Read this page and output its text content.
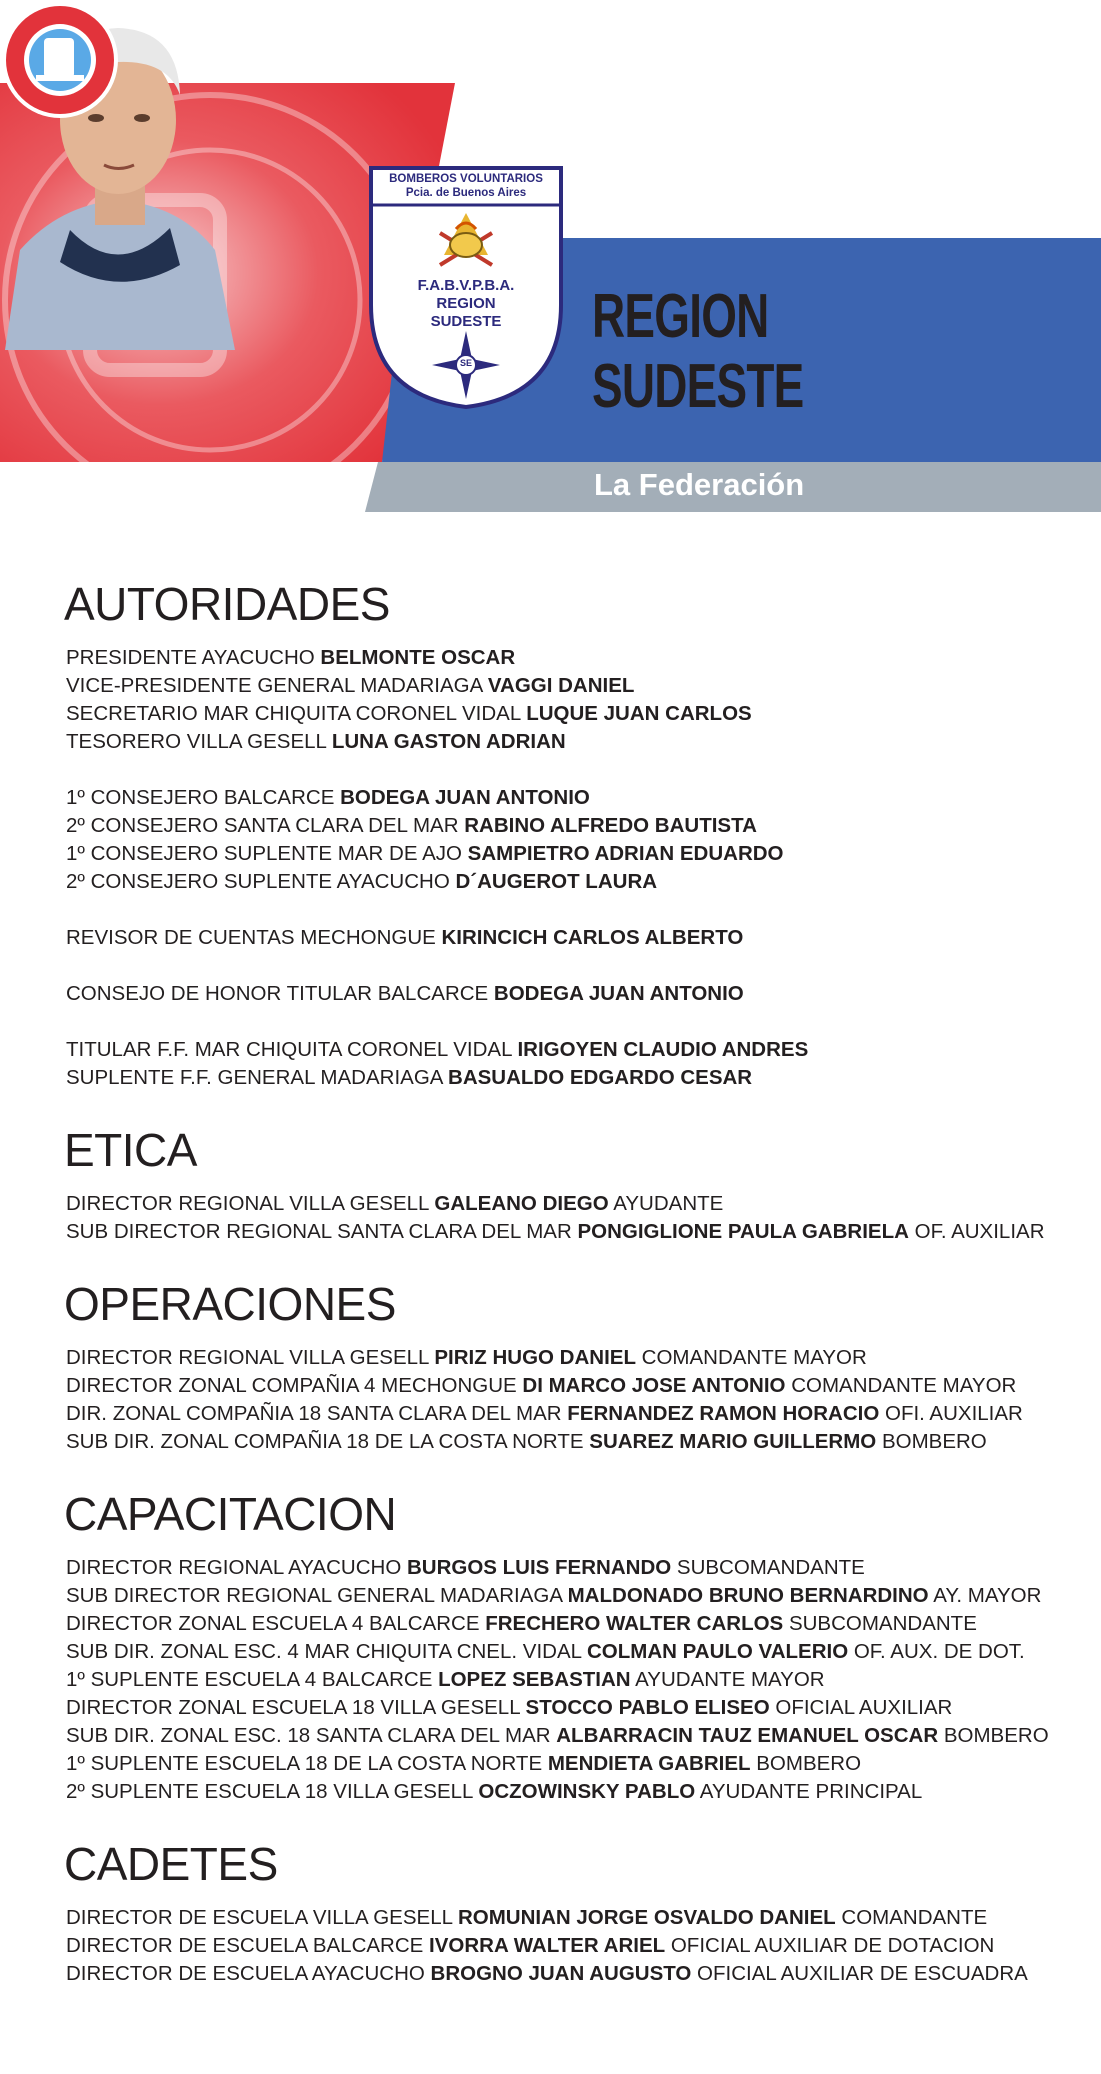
BOMBEROS VOLUNTARIOS
Pcia. de Buenos Aires
F.A.B.V.P.B.A.
REGION
SUDESTE
SE
REGION
SUDESTE
La Federación
AUTORIDADES
PRESIDENTE AYACUCHO BELMONTE OSCAR
VICE-PRESIDENTE GENERAL MADARIAGA VAGGI DANIEL
SECRETARIO MAR CHIQUITA CORONEL VIDAL LUQUE JUAN CARLOS
TESORERO VILLA GESELL LUNA GASTON ADRIAN
1º CONSEJERO BALCARCE BODEGA JUAN ANTONIO
2º CONSEJERO SANTA CLARA DEL MAR RABINO ALFREDO BAUTISTA
1º CONSEJERO SUPLENTE MAR DE AJO SAMPIETRO ADRIAN EDUARDO
2º CONSEJERO SUPLENTE AYACUCHO D´AUGEROT LAURA
REVISOR DE CUENTAS MECHONGUE KIRINCICH CARLOS ALBERTO
CONSEJO DE HONOR TITULAR BALCARCE BODEGA JUAN ANTONIO
TITULAR F.F. MAR CHIQUITA CORONEL VIDAL IRIGOYEN CLAUDIO ANDRES
SUPLENTE F.F. GENERAL MADARIAGA BASUALDO EDGARDO CESAR
ETICA
DIRECTOR REGIONAL VILLA GESELL GALEANO DIEGO AYUDANTE
SUB DIRECTOR REGIONAL SANTA CLARA DEL MAR PONGIGLIONE PAULA GABRIELA OF. AUXILIAR
OPERACIONES
DIRECTOR REGIONAL VILLA GESELL PIRIZ HUGO DANIEL COMANDANTE MAYOR
DIRECTOR ZONAL COMPAÑIA 4 MECHONGUE DI MARCO JOSE ANTONIO COMANDANTE MAYOR
DIR. ZONAL COMPAÑIA 18 SANTA CLARA DEL MAR FERNANDEZ RAMON HORACIO OFI. AUXILIAR
SUB DIR. ZONAL COMPAÑIA 18 DE LA COSTA NORTE SUAREZ MARIO GUILLERMO BOMBERO
CAPACITACION
DIRECTOR REGIONAL AYACUCHO BURGOS LUIS FERNANDO SUBCOMANDANTE
SUB DIRECTOR REGIONAL GENERAL MADARIAGA MALDONADO BRUNO BERNARDINO AY. MAYOR
DIRECTOR ZONAL ESCUELA 4 BALCARCE FRECHERO WALTER CARLOS SUBCOMANDANTE
SUB DIR. ZONAL ESC. 4 MAR CHIQUITA CNEL. VIDAL COLMAN PAULO VALERIO OF. AUX. DE DOT.
1º SUPLENTE ESCUELA 4 BALCARCE LOPEZ SEBASTIAN AYUDANTE MAYOR
DIRECTOR ZONAL ESCUELA 18 VILLA GESELL STOCCO PABLO ELISEO OFICIAL AUXILIAR
SUB DIR. ZONAL ESC. 18 SANTA CLARA DEL MAR ALBARRACIN TAUZ EMANUEL OSCAR BOMBERO
1º SUPLENTE ESCUELA 18 DE LA COSTA NORTE MENDIETA GABRIEL BOMBERO
2º SUPLENTE ESCUELA 18 VILLA GESELL OCZOWINSKY PABLO AYUDANTE PRINCIPAL
CADETES
DIRECTOR DE ESCUELA VILLA GESELL ROMUNIAN JORGE OSVALDO DANIEL COMANDANTE
DIRECTOR DE ESCUELA BALCARCE IVORRA WALTER ARIEL OFICIAL AUXILIAR DE DOTACION
DIRECTOR DE ESCUELA AYACUCHO BROGNO JUAN AUGUSTO OFICIAL AUXILIAR DE ESCUADRA
